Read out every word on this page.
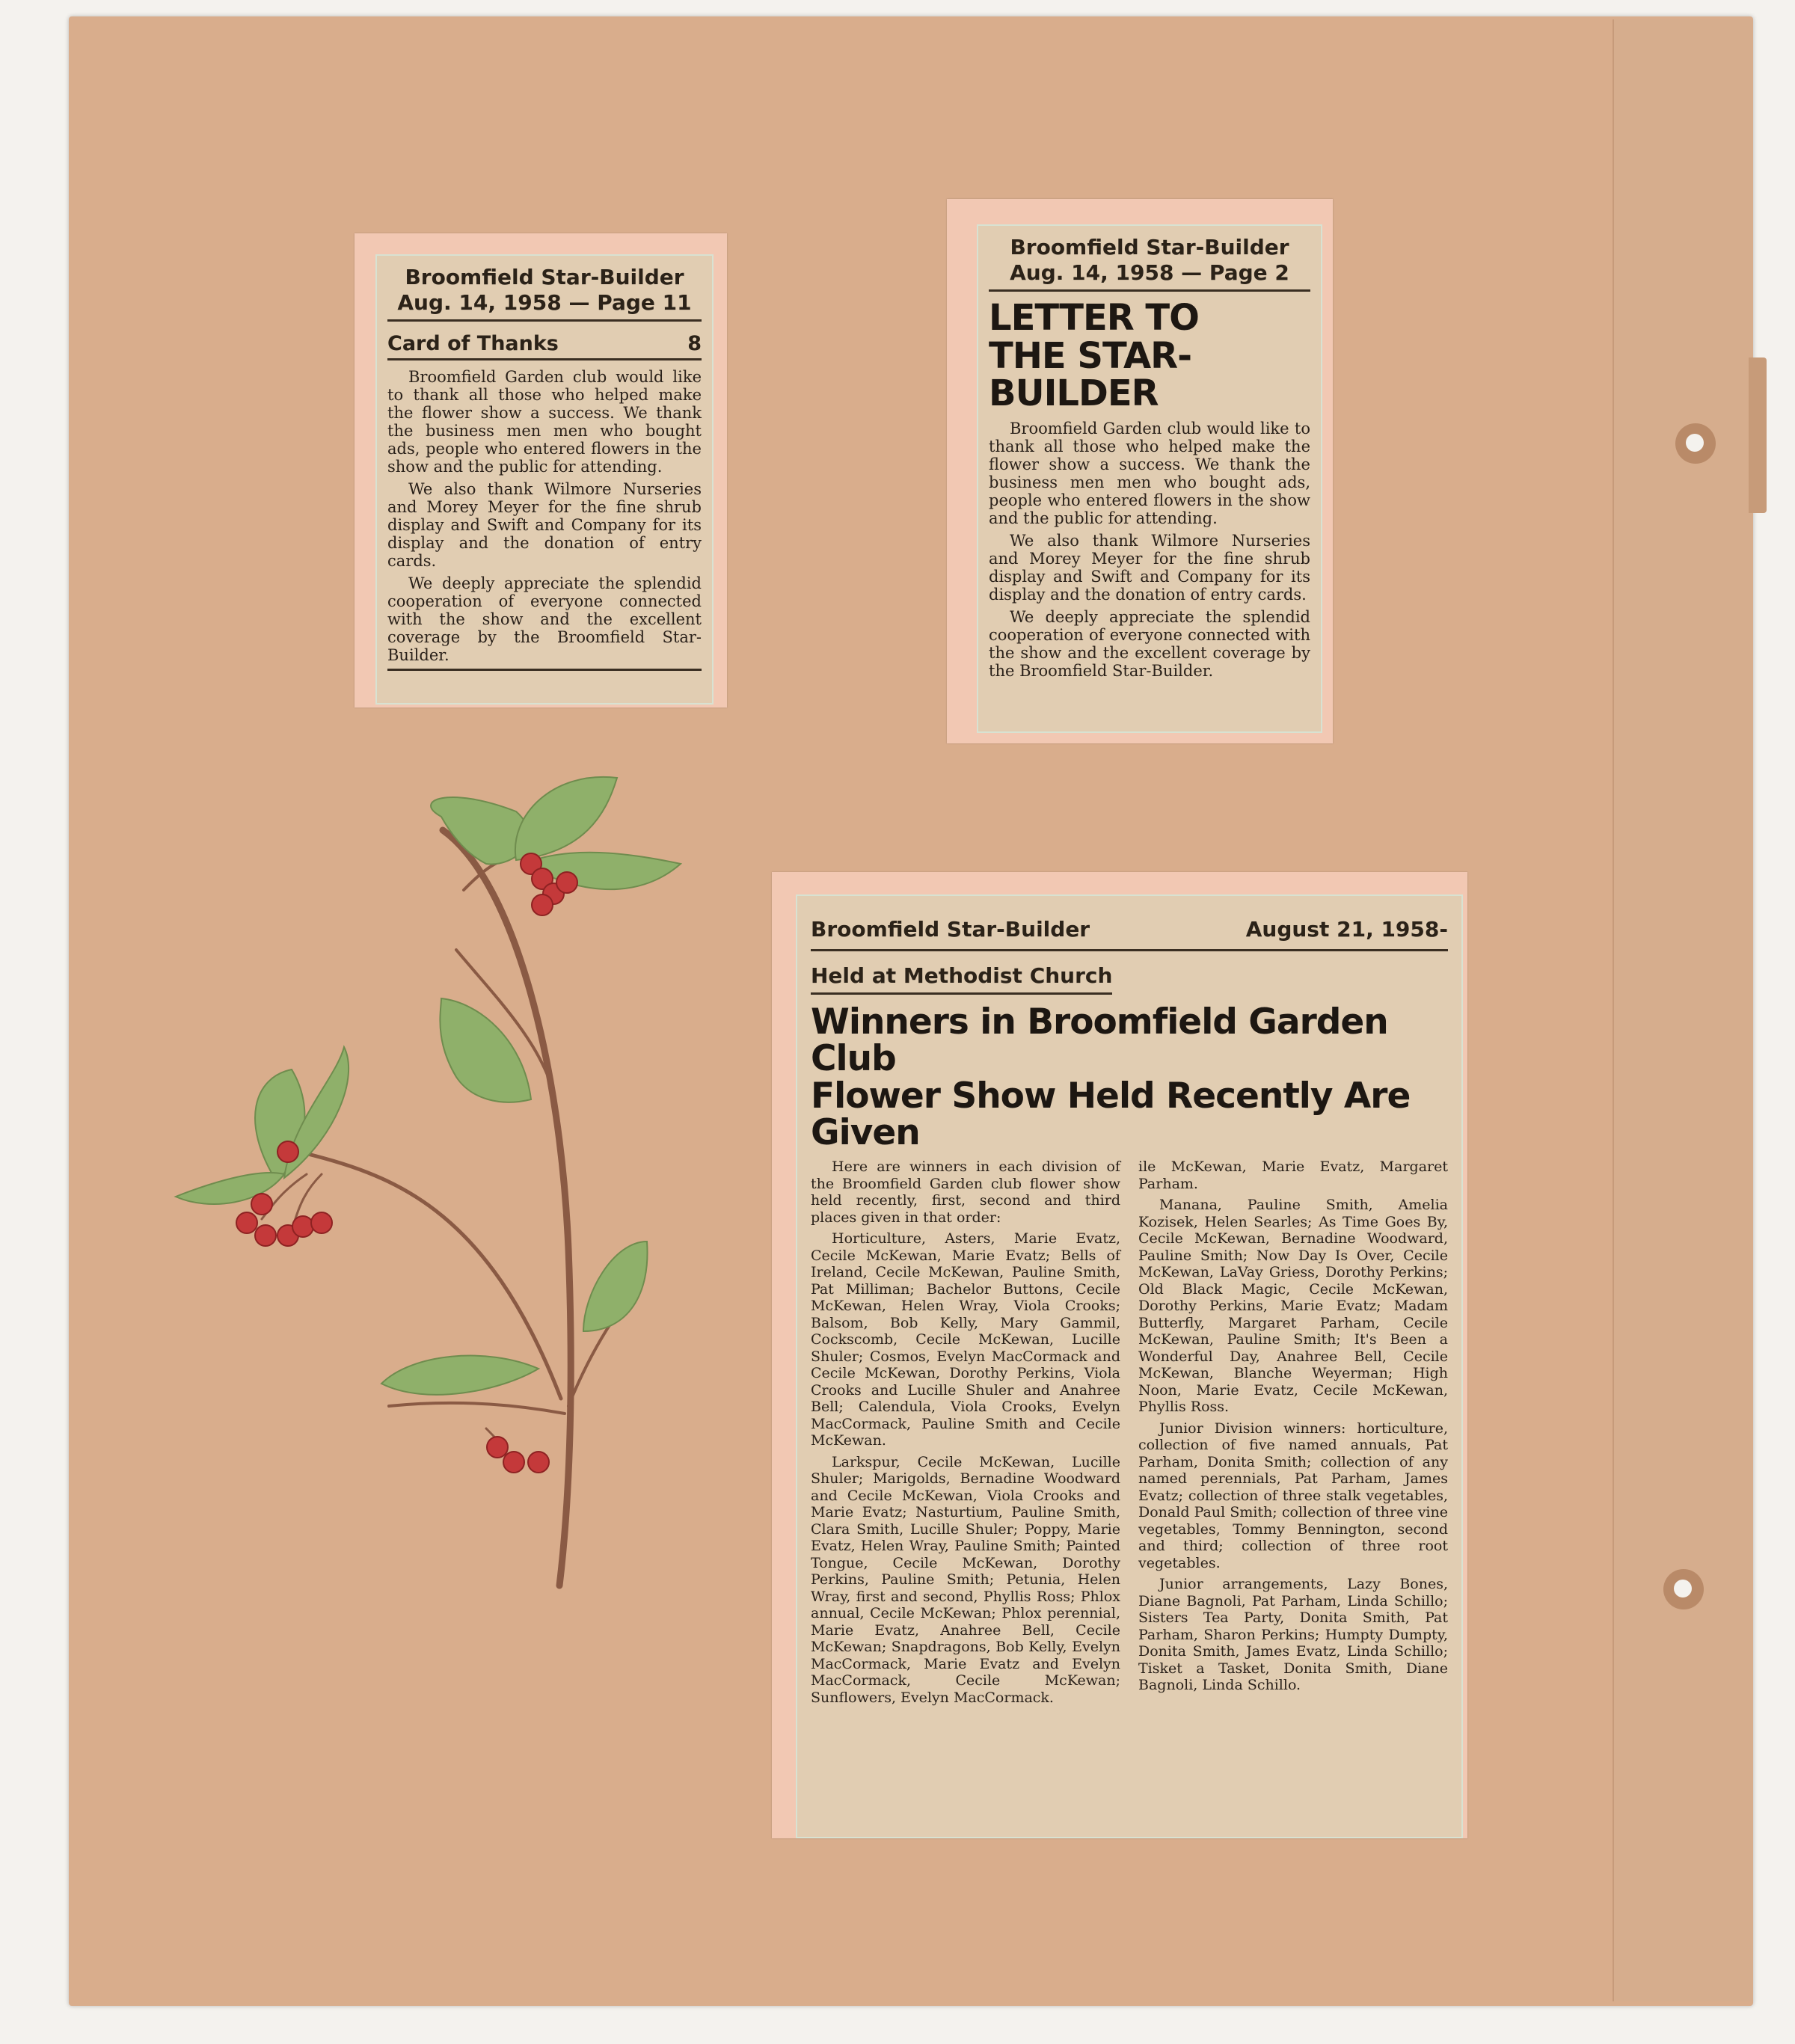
Broomfield Star-Builder
Aug. 14, 1958 — Page 11
Card of Thanks	8

Broomfield Garden club would like to thank all those who helped make the flower show a success. We thank the business men men who bought ads, people who entered flowers in the show and the public for attending.

We also thank Wilmore Nurseries and Morey Meyer for the fine shrub display and Swift and Company for its display and the donation of entry cards.

We deeply appreciate the splendid cooperation of everyone connected with the show and the excellent coverage by the Broomfield Star-Builder.

Broomfield Star-Builder
Aug. 14, 1958 — Page 2
LETTER TO
THE STAR-BUILDER

Broomfield Garden club would like to thank all those who helped make the flower show a success. We thank the business men men who bought ads, people who entered flowers in the show and the public for attending.

We also thank Wilmore Nurseries and Morey Meyer for the fine shrub display and Swift and Company for its display and the donation of entry cards.

We deeply appreciate the splendid cooperation of everyone connected with the show and the excellent coverage by the Broomfield Star-Builder.

Broomfield Star-Builder	August 21, 1958-
Held at Methodist Church
Winners in Broomfield Garden Club
Flower Show Held Recently Are Given

Here are winners in each division of the Broomfield Garden club flower show held recently, first, second and third places given in that order:

Horticulture, Asters, Marie Evatz, Cecile McKewan, Marie Evatz; Bells of Ireland, Cecile McKewan, Pauline Smith, Pat Milliman; Bachelor Buttons, Cecile McKewan, Helen Wray, Viola Crooks; Balsom, Bob Kelly, Mary Gammil, Cockscomb, Cecile McKewan, Lucille Shuler; Cosmos, Evelyn MacCormack and Cecile McKewan, Dorothy Perkins, Viola Crooks and Lucille Shuler and Anahree Bell; Calendula, Viola Crooks, Evelyn MacCormack, Pauline Smith and Cecile McKewan.

Larkspur, Cecile McKewan, Lucille Shuler; Marigolds, Bernadine Woodward and Cecile McKewan, Viola Crooks and Marie Evatz; Nasturtium, Pauline Smith, Clara Smith, Lucille Shuler; Poppy, Marie Evatz, Helen Wray, Pauline Smith; Painted Tongue, Cecile McKewan, Dorothy Perkins, Pauline Smith; Petunia, Helen Wray, first and second, Phyllis Ross; Phlox annual, Cecile McKewan; Phlox perennial, Marie Evatz, Anahree Bell, Cecile McKewan; Snapdragons, Bob Kelly, Evelyn MacCormack, Marie Evatz and Evelyn MacCormack, Cecile McKewan; Sunflowers, Evelyn MacCormack.

ile McKewan, Marie Evatz, Margaret Parham.

Manana, Pauline Smith, Amelia Kozisek, Helen Searles; As Time Goes By, Cecile McKewan, Bernadine Woodward, Pauline Smith; Now Day Is Over, Cecile McKewan, LaVay Griess, Dorothy Perkins; Old Black Magic, Cecile McKewan, Dorothy Perkins, Marie Evatz; Madam Butterfly, Margaret Parham, Cecile McKewan, Pauline Smith; It's Been a Wonderful Day, Anahree Bell, Cecile McKewan, Blanche Weyerman; High Noon, Marie Evatz, Cecile McKewan, Phyllis Ross.

Junior Division winners: horticulture, collection of five named annuals, Pat Parham, Donita Smith; collection of any named perennials, Pat Parham, James Evatz; collection of three stalk vegetables, Donald Paul Smith; collection of three vine vegetables, Tommy Bennington, second and third; collection of three root vegetables.

Junior arrangements, Lazy Bones, Diane Bagnoli, Pat Parham, Linda Schillo; Sisters Tea Party, Donita Smith, Pat Parham, Sharon Perkins; Humpty Dumpty, Donita Smith, James Evatz, Linda Schillo; Tisket a Tasket, Donita Smith, Diane Bagnoli, Linda Schillo.
